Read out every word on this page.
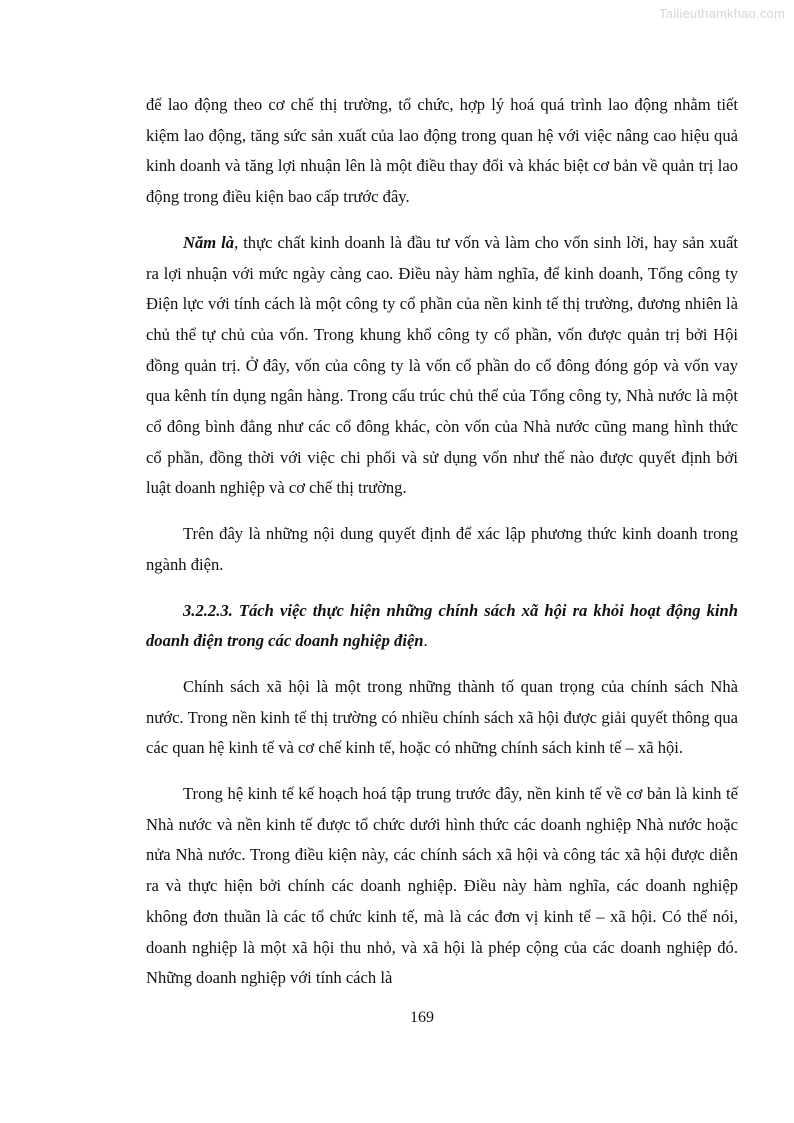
Tailieuthamkhao.com

để lao động theo cơ chế thị trường, tổ chức, hợp lý hoá quá trình lao động nhằm tiết kiệm lao động, tăng sức sản xuất của lao động trong quan hệ với việc nâng cao hiệu quả kinh doanh và tăng lợi nhuận lên là một điều thay đổi và khác biệt cơ bản về quản trị lao động trong điều kiện bao cấp trước đây.

Năm là, thực chất kinh doanh là đầu tư vốn và làm cho vốn sinh lời, hay sản xuất ra lợi nhuận với mức ngày càng cao. Điều này hàm nghĩa, để kinh doanh, Tổng công ty Điện lực với tính cách là một công ty cổ phần của nền kinh tế thị trường, đương nhiên là chủ thể tự chủ của vốn. Trong khung khổ công ty cổ phần, vốn được quản trị bởi Hội đồng quản trị. Ở đây, vốn của công ty là vốn cổ phần do cổ đông đóng góp và vốn vay qua kênh tín dụng ngân hàng. Trong cấu trúc chủ thể của Tổng công ty, Nhà nước là một cổ đông bình đẳng như các cổ đông khác, còn vốn của Nhà nước cũng mang hình thức cổ phần, đồng thời với việc chi phối và sử dụng vốn như thế nào được quyết định bởi luật doanh nghiệp và cơ chế thị trường.

Trên đây là những nội dung quyết định để xác lập phương thức kinh doanh trong ngành điện.

3.2.2.3. Tách việc thực hiện những chính sách xã hội ra khỏi hoạt động kinh doanh điện trong các doanh nghiệp điện.

Chính sách xã hội là một trong những thành tố quan trọng của chính sách Nhà nước. Trong nền kinh tế thị trường có nhiều chính sách xã hội được giải quyết thông qua các quan hệ kinh tế và cơ chế kinh tế, hoặc có những chính sách kinh tế – xã hội.

Trong hệ kinh tế kế hoạch hoá tập trung trước đây, nền kinh tế về cơ bản là kinh tế Nhà nước và nền kinh tế được tổ chức dưới hình thức các doanh nghiệp Nhà nước hoặc nửa Nhà nước. Trong điều kiện này, các chính sách xã hội và công tác xã hội được diễn ra và thực hiện bởi chính các doanh nghiệp. Điều này hàm nghĩa, các doanh nghiệp không đơn thuần là các tổ chức kinh tế, mà là các đơn vị kinh tế – xã hội. Có thể nói, doanh nghiệp là một xã hội thu nhỏ, và xã hội là phép cộng của các doanh nghiệp đó. Những doanh nghiệp với tính cách là

169
